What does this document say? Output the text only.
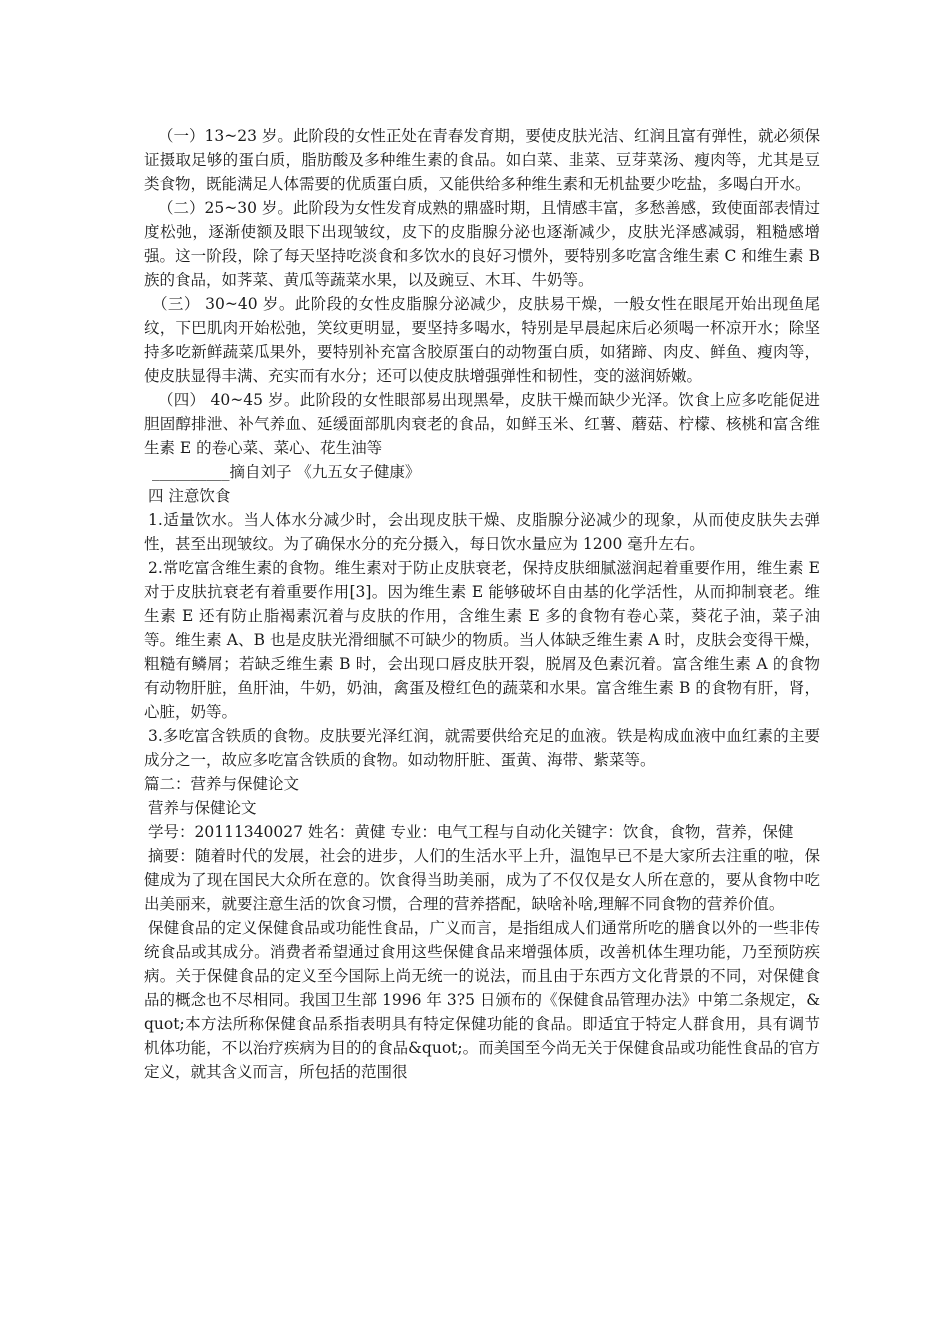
（一）13~23 岁。此阶段的女性正处在青春发育期，要使皮肤光洁、红润且富有弹性，就必须保证摄取足够的蛋白质，脂肪酸及多种维生素的食品。如白菜、韭菜、豆芽菜汤、瘦肉等，尤其是豆类食物，既能满足人体需要的优质蛋白质，又能供给多种维生素和无机盐要少吃盐，多喝白开水。

（二）25~30 岁。此阶段为女性发育成熟的鼎盛时期，且情感丰富，多愁善感，致使面部表情过度松弛，逐渐使额及眼下出现皱纹，皮下的皮脂腺分泌也逐渐减少，皮肤光泽感减弱，粗糙感增强。这一阶段，除了每天坚持吃淡食和多饮水的良好习惯外，要特别多吃富含维生素 C 和维生素 B 族的食品，如荠菜、黄瓜等蔬菜水果，以及豌豆、木耳、牛奶等。

（三） 30~40 岁。此阶段的女性皮脂腺分泌减少，皮肤易干燥，一般女性在眼尾开始出现鱼尾纹，下巴肌肉开始松弛，笑纹更明显，要坚持多喝水，特别是早晨起床后必须喝一杯凉开水；除坚持多吃新鲜蔬菜瓜果外，要特别补充富含胶原蛋白的动物蛋白质，如猪蹄、肉皮、鲜鱼、瘦肉等，使皮肤显得丰满、充实而有水分；还可以使皮肤增强弹性和韧性，变的滋润娇嫩。

（四） 40~45 岁。此阶段的女性眼部易出现黑晕，皮肤干燥而缺少光泽。饮食上应多吃能促进胆固醇排泄、补气养血、延缓面部肌肉衰老的食品，如鲜玉米、红薯、蘑菇、柠檬、核桃和富含维生素 E 的卷心菜、菜心、花生油等

__________摘自刘子 《九五女子健康》

四 注意饮食

1.适量饮水。当人体水分减少时，会出现皮肤干燥、皮脂腺分泌减少的现象，从而使皮肤失去弹性，甚至出现皱纹。为了确保水分的充分摄入，每日饮水量应为 1200 毫升左右。

2.常吃富含维生素的食物。维生素对于防止皮肤衰老，保持皮肤细腻滋润起着重要作用，维生素 E 对于皮肤抗衰老有着重要作用[3]。因为维生素 E 能够破坏自由基的化学活性，从而抑制衰老。维生素 E 还有防止脂褐素沉着与皮肤的作用，含维生素 E 多的食物有卷心菜，葵花子油，菜子油等。维生素 A、B 也是皮肤光滑细腻不可缺少的物质。当人体缺乏维生素 A 时，皮肤会变得干燥，粗糙有鳞屑；若缺乏维生素 B 时，会出现口唇皮肤开裂，脱屑及色素沉着。富含维生素 A 的食物有动物肝脏，鱼肝油，牛奶，奶油，禽蛋及橙红色的蔬菜和水果。富含维生素 B 的食物有肝，肾，心脏，奶等。

3.多吃富含铁质的食物。皮肤要光泽红润，就需要供给充足的血液。铁是构成血液中血红素的主要成分之一，故应多吃富含铁质的食物。如动物肝脏、蛋黄、海带、紫菜等。

篇二：营养与保健论文

营养与保健论文

学号：20111340027 姓名：黄健 专业：电气工程与自动化关键字：饮食，食物，营养，保健

摘要：随着时代的发展，社会的进步，人们的生活水平上升，温饱早已不是大家所去注重的啦，保健成为了现在国民大众所在意的。饮食得当助美丽，成为了不仅仅是女人所在意的，要从食物中吃出美丽来，就要注意生活的饮食习惯，合理的营养搭配，缺啥补啥,理解不同食物的营养价值。

保健食品的定义保健食品或功能性食品，广义而言，是指组成人们通常所吃的膳食以外的一些非传统食品或其成分。消费者希望通过食用这些保健食品来增强体质，改善机体生理功能，乃至预防疾病。关于保健食品的定义至今国际上尚无统一的说法，而且由于东西方文化背景的不同，对保健食品的概念也不尽相同。我国卫生部 1996 年 3?5 日颁布的《保健食品管理办法》中第二条规定，&quot;本方法所称保健食品系指表明具有特定保健功能的食品。即适宜于特定人群食用，具有调节机体功能，不以治疗疾病为目的的食品&quot;。而美国至今尚无关于保健食品或功能性食品的官方定义，就其含义而言，所包括的范围很
